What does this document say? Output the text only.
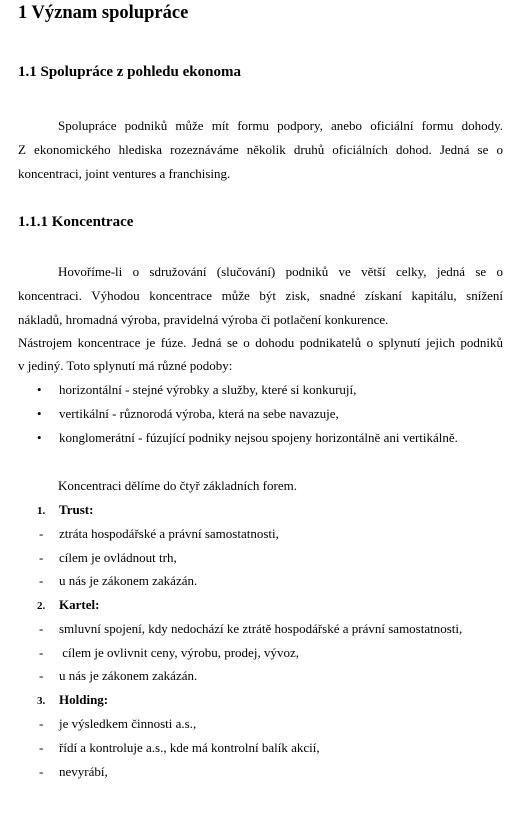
1 Význam spolupráce
1.1 Spolupráce z pohledu ekonoma
Spolupráce podniků může mít formu podpory, anebo oficiální formu dohody.
Z ekonomického hlediska rozeznáváme několik druhů oficiálních dohod. Jedná se o
koncentraci, joint ventures a franchising.
1.1.1 Koncentrace
Hovoříme-li o sdružování (slučování) podniků ve větší celky, jedná se o
koncentraci. Výhodou koncentrace může být zisk, snadné získaní kapitálu, snížení
nákladů, hromadná výroba, pravidelná výroba či potlačení konkurence.
Nástrojem koncentrace je fúze. Jedná se o dohodu podnikatelů o splynutí jejich podniků
v jediný. Toto splynutí má různé podoby:
• horizontální - stejné výrobky a služby, které si konkurují,
• vertikální - různorodá výroba, která na sebe navazuje,
• konglomerátní - fúzující podniky nejsou spojeny horizontálně ani vertikálně.
Koncentraci dělíme do čtyř základních forem.
1. Trust:
- ztráta hospodářské a právní samostatnosti,
- cílem je ovládnout trh,
- u nás je zákonem zakázán.
2. Kartel:
- smluvní spojení, kdy nedochází ke ztrátě hospodářské a právní samostatnosti,
- cílem je ovlivnit ceny, výrobu, prodej, vývoz,
- u nás je zákonem zakázán.
3. Holding:
- je výsledkem činnosti a.s.,
- řídí a kontroluje a.s., kde má kontrolní balík akcií,
- nevyrábí,
